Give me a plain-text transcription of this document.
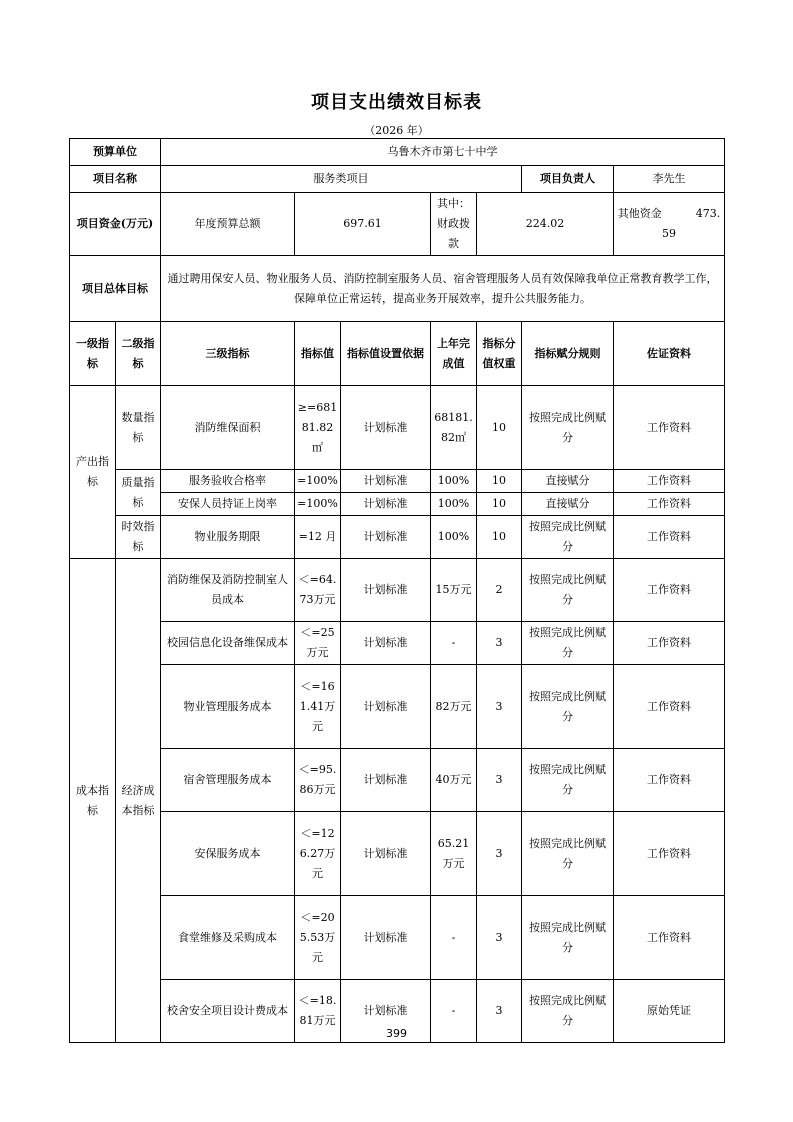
项目支出绩效目标表
（2026 年）
预算单位		乌鲁木齐市第七十中学						
项目名称		服务类项目					项目负责人	李先生
项目资金(万元)		年度预算总额	697.61		其中：财政拨款	224.02		其他资金 473.59
项目总体目标		通过聘用保安人员、物业服务人员、消防控制室服务人员、宿舍管理服务人员有效保障我单位正常教育教学工作，保障单位正常运转，提高业务开展效率，提升公共服务能力。						
一级指标	二级指标	三级指标	指标值	指标值设置依据	上年完成值	指标分值权重	指标赋分规则	佐证资料
产出指标	数量指标	消防维保面积	≥=68181.82㎡	计划标准	68181.82㎡	10	按照完成比例赋分	工作资料
	质量指标	服务验收合格率	=100%	计划标准	100%	10	直接赋分	工作资料
		安保人员持证上岗率	=100%	计划标准	100%	10	直接赋分	工作资料
	时效指标	物业服务期限	=12 月	计划标准	100%	10	按照完成比例赋分	工作资料
成本指标	经济成本指标	消防维保及消防控制室人员成本	＜=64.73万元	计划标准	15万元	2	按照完成比例赋分	工作资料
		校园信息化设备维保成本	＜=25万元	计划标准	-	3	按照完成比例赋分	工作资料
		物业管理服务成本	＜=161.41万元	计划标准	82万元	3	按照完成比例赋分	工作资料
		宿舍管理服务成本	＜=95.86万元	计划标准	40万元	3	按照完成比例赋分	工作资料
		安保服务成本	＜=126.27万元	计划标准	65.21万元	3	按照完成比例赋分	工作资料
		食堂维修及采购成本	＜=205.53万元	计划标准	-	3	按照完成比例赋分	工作资料
		校舍安全项目设计费成本	＜=18.81万元	计划标准	-	3	按照完成比例赋分	原始凭证
399
